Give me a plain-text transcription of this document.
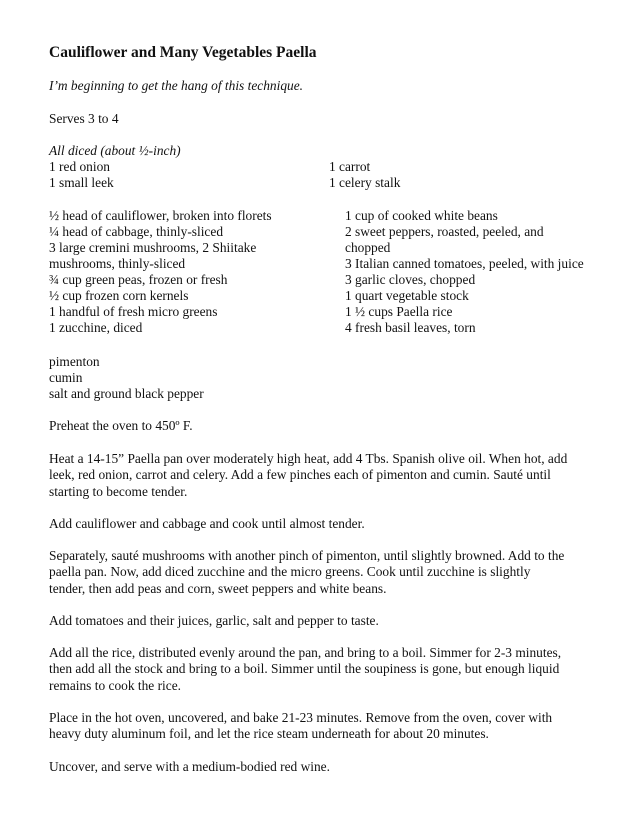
Cauliflower and Many Vegetables Paella
I’m beginning to get the hang of this technique.
Serves 3 to 4
All diced (about ½-inch)
1 red onion
1 small leek
1 carrot
1 celery stalk
½ head of cauliflower, broken into florets
¼ head of cabbage, thinly-sliced
3 large cremini mushrooms, 2 Shiitake
mushrooms, thinly-sliced
¾ cup green peas, frozen or fresh
½ cup frozen corn kernels
1 handful of fresh micro greens
1 zucchine, diced
1 cup of cooked white beans
2 sweet peppers, roasted, peeled, and
chopped
3 Italian canned tomatoes, peeled, with juice
3 garlic cloves, chopped
1 quart vegetable stock
1 ½ cups Paella rice
4 fresh basil leaves, torn
pimenton
cumin
salt and ground black pepper
Preheat the oven to 450º F.
Heat a 14-15” Paella pan over moderately high heat, add 4 Tbs. Spanish olive oil. When hot, add
leek, red onion, carrot and celery. Add a few pinches each of pimenton and cumin. Sauté until
starting to become tender.
Add cauliflower and cabbage and cook until almost tender.
Separately, sauté mushrooms with another pinch of pimenton, until slightly browned. Add to the
paella pan. Now, add diced zucchine and the micro greens. Cook until zucchine is slightly
tender, then add peas and corn, sweet peppers and white beans.
Add tomatoes and their juices, garlic, salt and pepper to taste.
Add all the rice, distributed evenly around the pan, and bring to a boil. Simmer for 2-3 minutes,
then add all the stock and bring to a boil. Simmer until the soupiness is gone, but enough liquid
remains to cook the rice.
Place in the hot oven, uncovered, and bake 21-23 minutes. Remove from the oven, cover with
heavy duty aluminum foil, and let the rice steam underneath for about 20 minutes.
Uncover, and serve with a medium-bodied red wine.
